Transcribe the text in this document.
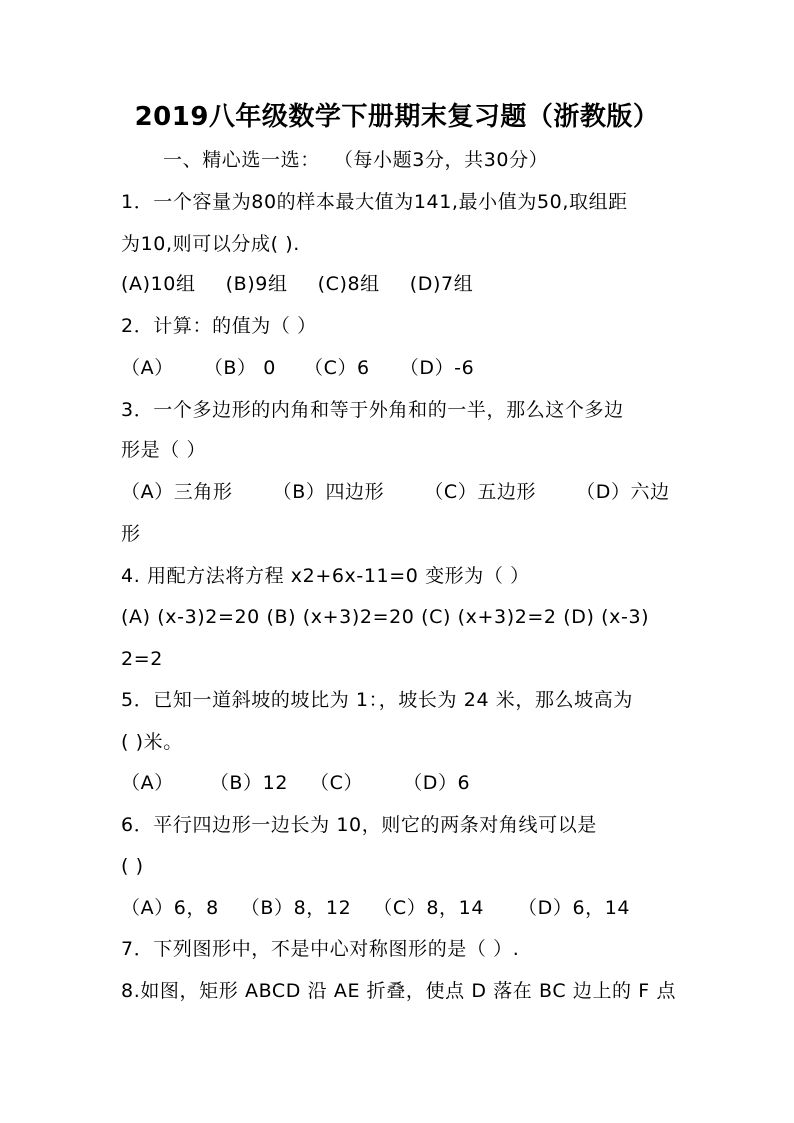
2019八年级数学下册期末复习题（浙教版）
一、精心选一选： （每小题3分，共30分）
1．一个容量为80的样本最大值为141,最小值为50,取组距
为10,则可以分成( ).
(A)10组 (B)9组 (C)8组 (D)7组
2．计算：的值为（ ）
（A） （B） 0 （C）6 （D）-6
3．一个多边形的内角和等于外角和的一半，那么这个多边
形是（ ）
（A）三角形 （B）四边形 （C）五边形 （D）六边
形
4. 用配方法将方程 x2+6x-11=0 变形为（ ）
(A) (x-3)2=20 (B) (x+3)2=20 (C) (x+3)2=2 (D) (x-3)
2=2
5．已知一道斜坡的坡比为 1：，坡长为 24 米，那么坡高为
( )米。
（A） （B）12 （C） （D）6
6．平行四边形一边长为 10，则它的两条对角线可以是
( )
（A）6，8 （B）8，12 （C）8，14 （D）6，14
7．下列图形中，不是中心对称图形的是（ ）.
8.如图，矩形 ABCD 沿 AE 折叠，使点 D 落在 BC 边上的 F 点
